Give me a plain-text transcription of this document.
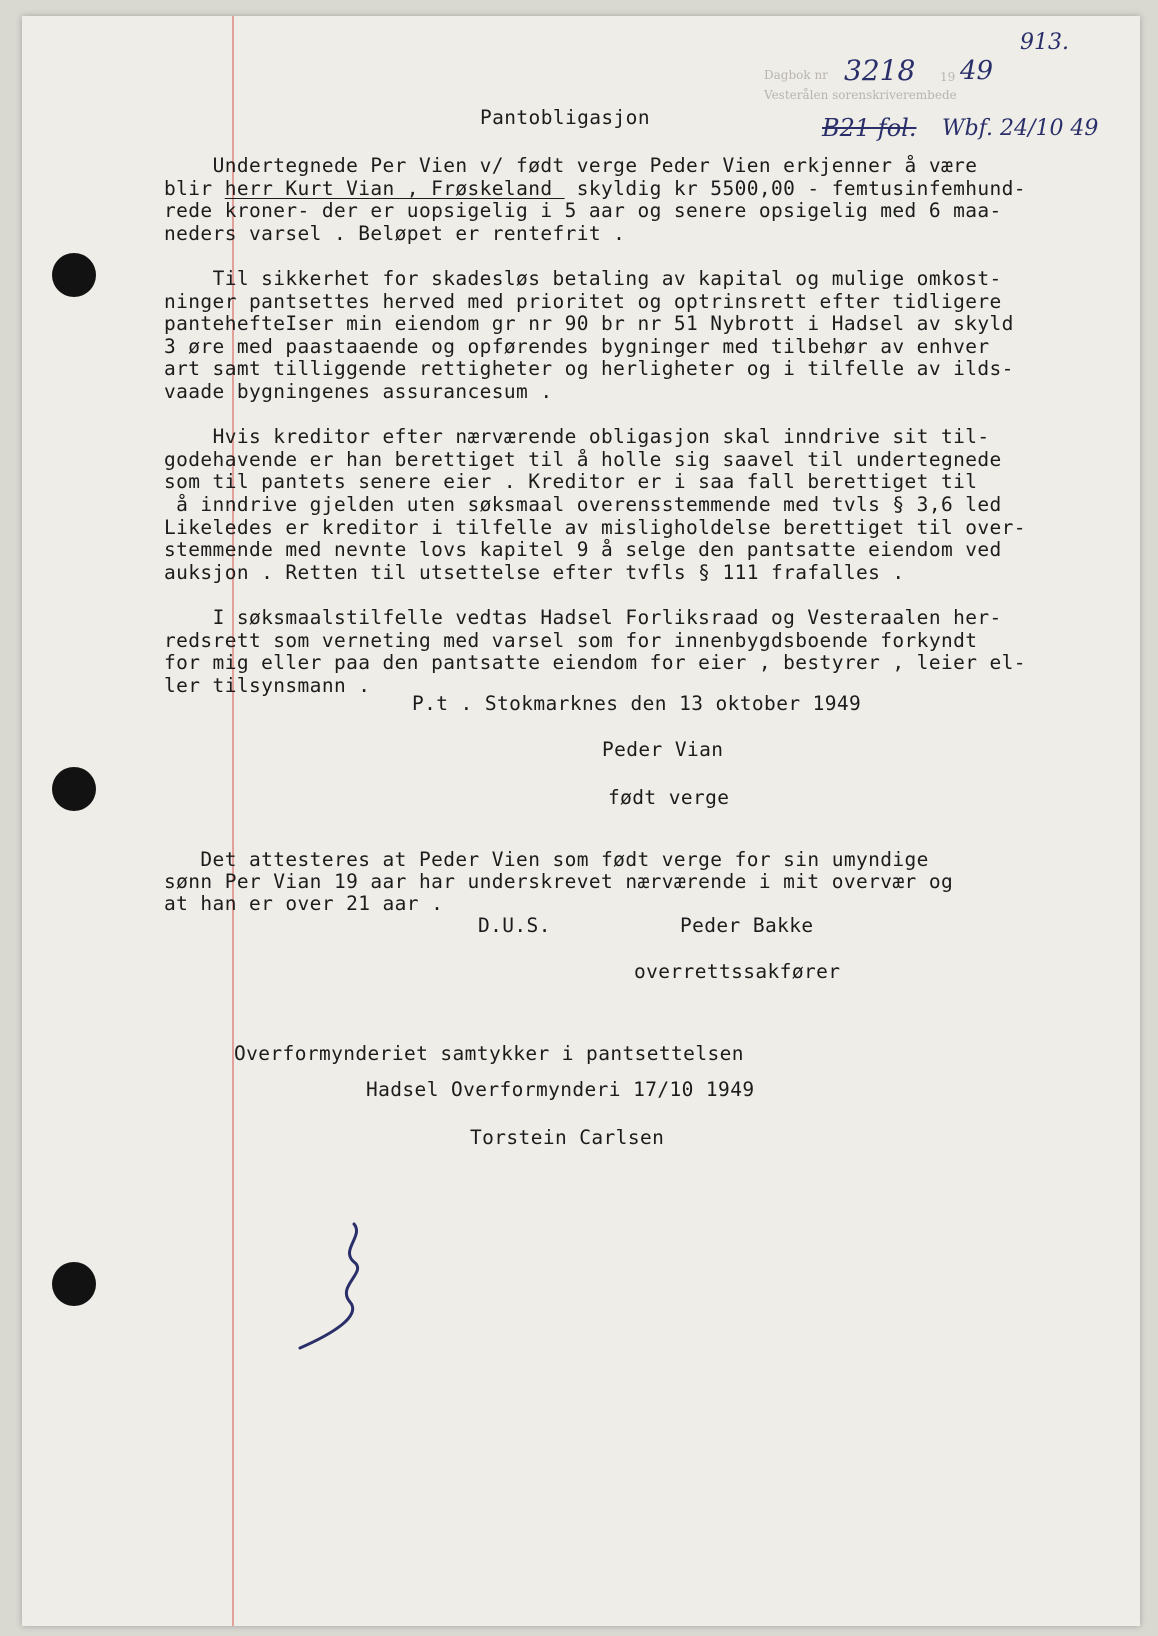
Dagbok nr
Vesterålen sorenskriverembede
19
3218 49
913.
B21 fol. Wbf. 24/10 49
Pantobligasjon
Undertegnede Per Vien v/ født verge Peder Vien erkjenner å være
blir herr Kurt Vian , Frøskeland  skyldig kr 5500,00 - femtusinfemhund-
rede kroner- der er uopsigelig i 5 aar og senere opsigelig med 6 maa-
neders varsel . Beløpet er rentefrit .
Til sikkerhet for skadesløs betaling av kapital og mulige omkost-
ninger pantsettes herved med prioritet og optrinsrett efter tidligere
pantehefteIser min eiendom gr nr 90 br nr 51 Nybrott i Hadsel av skyld
3 øre med paastaaende og opførendes bygninger med tilbehør av enhver
art samt tilliggende rettigheter og herligheter og i tilfelle av ilds-
vaade bygningenes assurancesum .
Hvis kreditor efter nærværende obligasjon skal inndrive sit til-
godehavende er han berettiget til å holle sig saavel til undertegnede
som til pantets senere eier . Kreditor er i saa fall berettiget til
å inndrive gjelden uten søksmaal overensstemmende med tvls § 3,6 led
Likeledes er kreditor i tilfelle av misligholdelse berettiget til over-
stemmende med nevnte lovs kapitel 9 å selge den pantsatte eiendom ved
auksjon . Retten til utsettelse efter tvfls § 111 frafalles .
I søksmaalstilfelle vedtas Hadsel Forliksraad og Vesteraalen her-
redsrett som verneting med varsel som for innenbygdsboende forkyndt
for mig eller paa den pantsatte eiendom for eier , bestyrer , leier el-
ler tilsynsmann .
P.t . Stokmarknes den 13 oktober 1949
Peder Vian
født verge
Det attesteres at Peder Vien som født verge for sin umyndige
sønn Per Vian 19 aar har underskrevet nærværende i mit overvær og
at han er over 21 aar .
D.U.S.	Peder Bakke
overrettssakfører
Overformynderiet samtykker i pantsettelsen
Hadsel Overformynderi 17/10 1949
Torstein Carlsen
